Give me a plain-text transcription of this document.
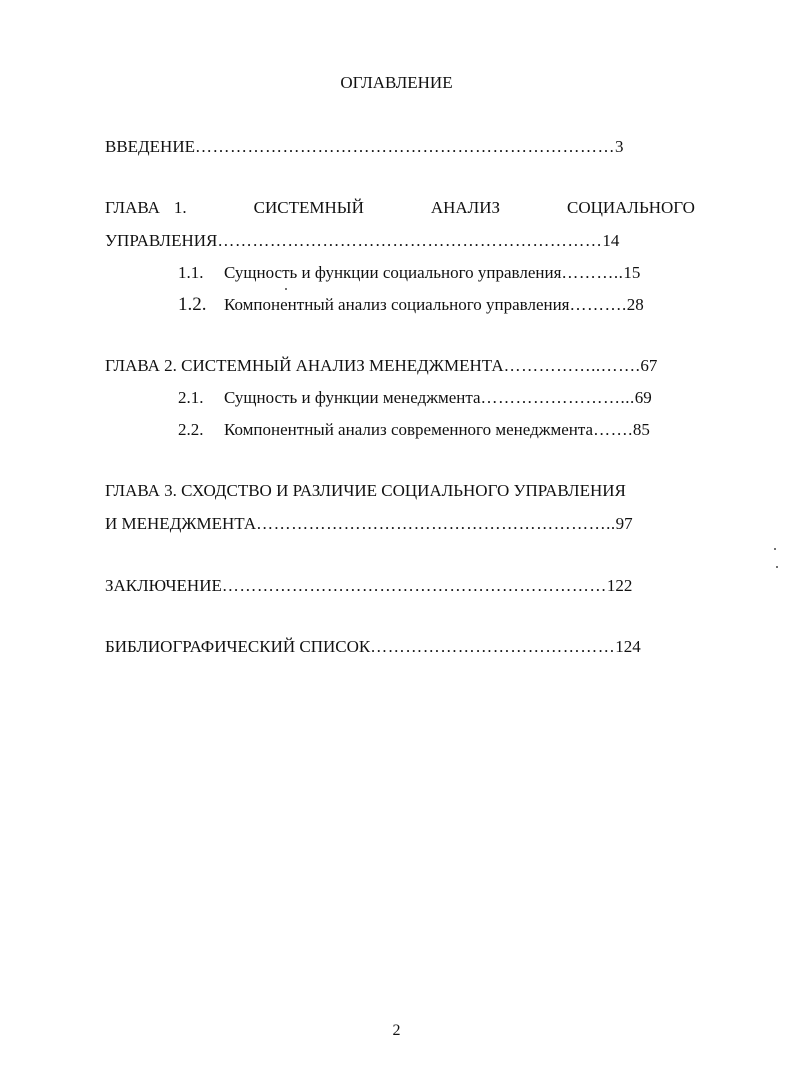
ОГЛАВЛЕНИЕ
ВВЕДЕНИЕ………………………………………………………………3
ГЛАВА 1.	СИСТЕМНЫЙ	АНАЛИЗ	СОЦИАЛЬНОГО
УПРАВЛЕНИЯ…………………………………………………………14
1.1. Сущность и функции социального управления………..15
1.2. Компонентный анализ социального управления……….28
ГЛАВА 2. СИСТЕМНЫЙ АНАЛИЗ МЕНЕДЖМЕНТА……………..…….67
2.1. Сущность и функции менеджмента……………………...69
2.2. Компонентный анализ современного менеджмента…….85
ГЛАВА 3. СХОДСТВО И РАЗЛИЧИЕ СОЦИАЛЬНОГО УПРАВЛЕНИЯ
И МЕНЕДЖМЕНТА……………………………………………………..97
ЗАКЛЮЧЕНИЕ…………………………………………………………122
БИБЛИОГРАФИЧЕСКИЙ СПИСОК……………………………………124
2
